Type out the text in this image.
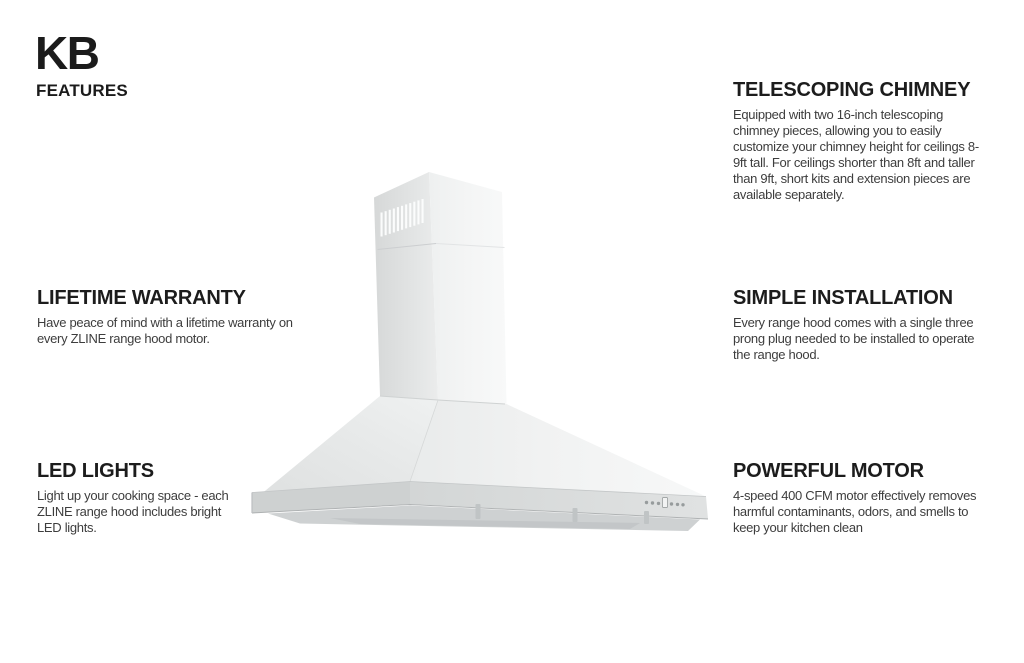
KB
FEATURES	TELESCOPING CHIMNEY

Equipped with two 16-inch telescoping chimney pieces, allowing you to easily customize your chimney height for ceilings 8-9ft tall. For ceilings shorter than 8ft and taller than 9ft, short kits and extension pieces are available separately.

LIFETIME WARRANTY

Have peace of mind with a lifetime warranty on every ZLINE range hood motor.

SIMPLE INSTALLATION

Every range hood comes with a single three prong plug needed to be installed to operate the range hood.

LED LIGHTS

Light up your cooking space - each ZLINE range hood includes bright LED lights.

POWERFUL MOTOR

4-speed 400 CFM motor effectively removes harmful contaminants, odors, and smells to keep your kitchen clean
